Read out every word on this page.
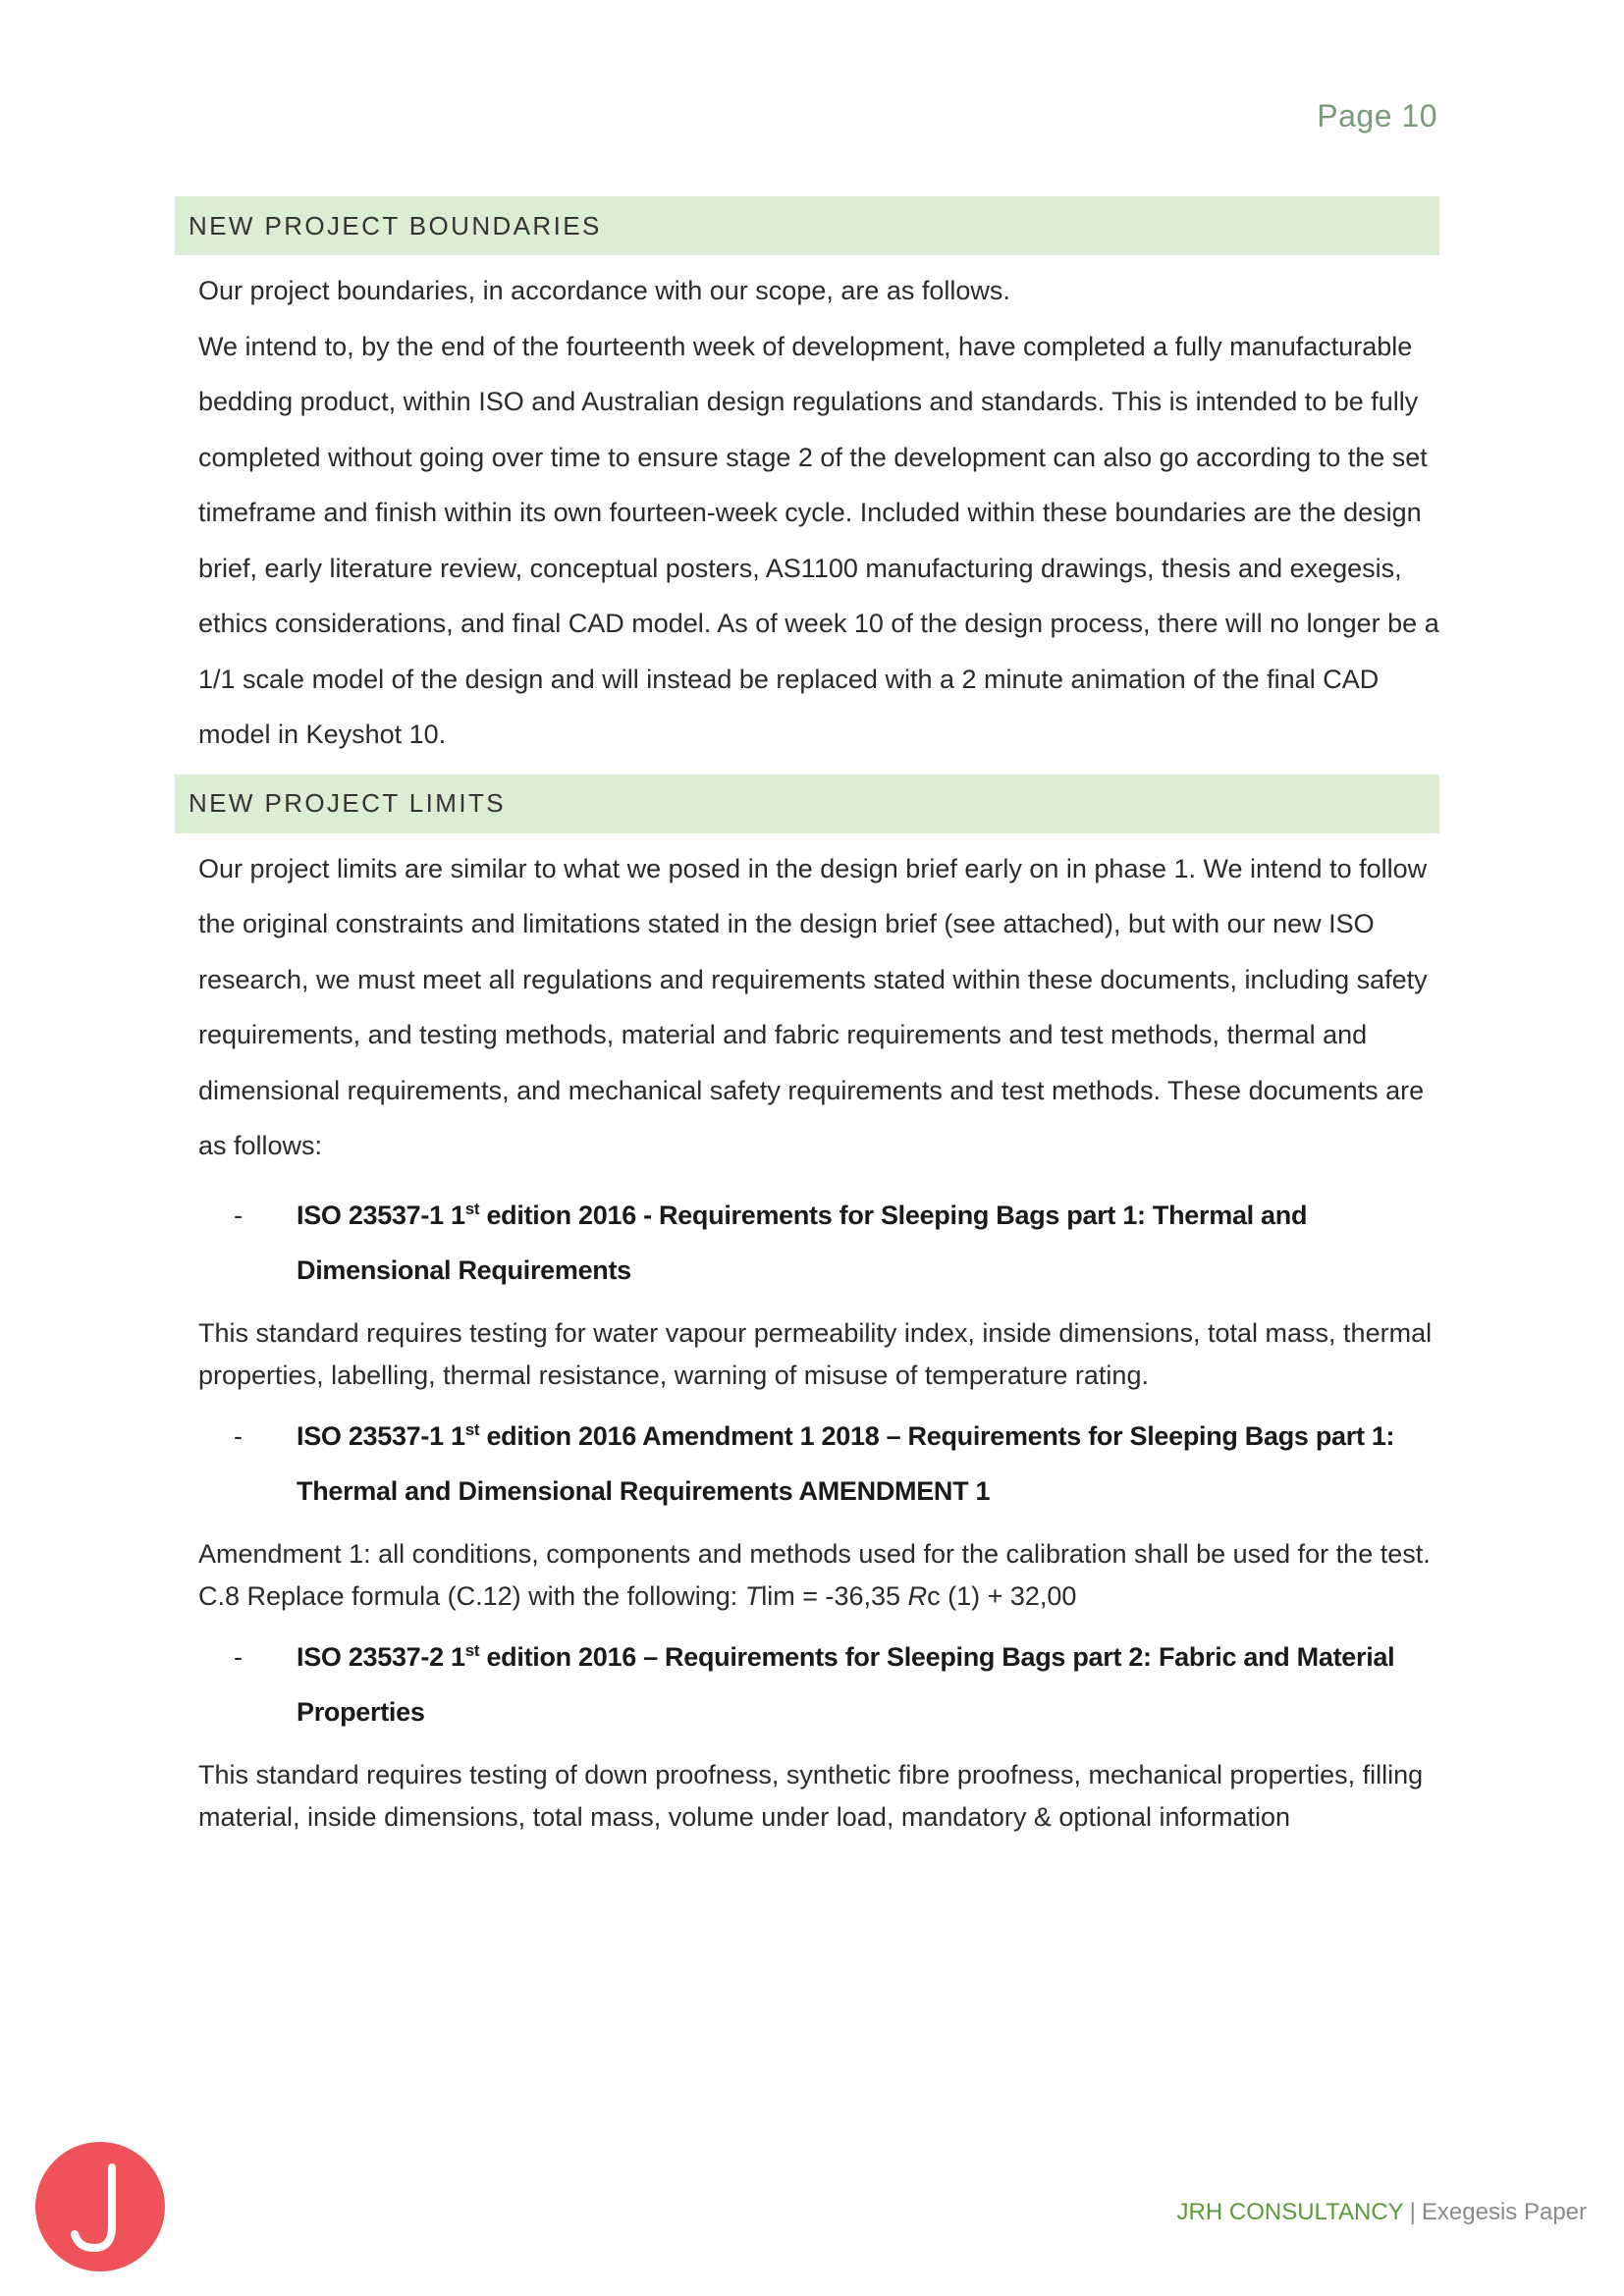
Page 10
NEW PROJECT BOUNDARIES

Our project boundaries, in accordance with our scope, are as follows.

We intend to, by the end of the fourteenth week of development, have completed a fully manufacturable bedding product, within ISO and Australian design regulations and standards. This is intended to be fully completed without going over time to ensure stage 2 of the development can also go according to the set timeframe and finish within its own fourteen-week cycle. Included within these boundaries are the design brief, early literature review, conceptual posters, AS1100 manufacturing drawings, thesis and exegesis, ethics considerations, and final CAD model. As of week 10 of the design process, there will no longer be a 1/1 scale model of the design and will instead be replaced with a 2 minute animation of the final CAD model in Keyshot 10.

NEW PROJECT LIMITS

Our project limits are similar to what we posed in the design brief early on in phase 1. We intend to follow the original constraints and limitations stated in the design brief (see attached), but with our new ISO research, we must meet all regulations and requirements stated within these documents, including safety requirements, and testing methods, material and fabric requirements and test methods, thermal and dimensional requirements, and mechanical safety requirements and test methods. These documents are as follows:

-	ISO 23537-1 1st edition 2016 - Requirements for Sleeping Bags part 1: Thermal and Dimensional Requirements

This standard requires testing for water vapour permeability index, inside dimensions, total mass, thermal properties, labelling, thermal resistance, warning of misuse of temperature rating.

-	ISO 23537-1 1st edition 2016 Amendment 1 2018 – Requirements for Sleeping Bags part 1: Thermal and Dimensional Requirements AMENDMENT 1

Amendment 1: all conditions, components and methods used for the calibration shall be used for the test.

C.8 Replace formula (C.12) with the following: Tlim = -36,35 Rc (1) + 32,00

-	ISO 23537-2 1st edition 2016 – Requirements for Sleeping Bags part 2: Fabric and Material Properties

This standard requires testing of down proofness, synthetic fibre proofness, mechanical properties, filling material, inside dimensions, total mass, volume under load, mandatory & optional information

JRH CONSULTANCY | Exegesis Paper
